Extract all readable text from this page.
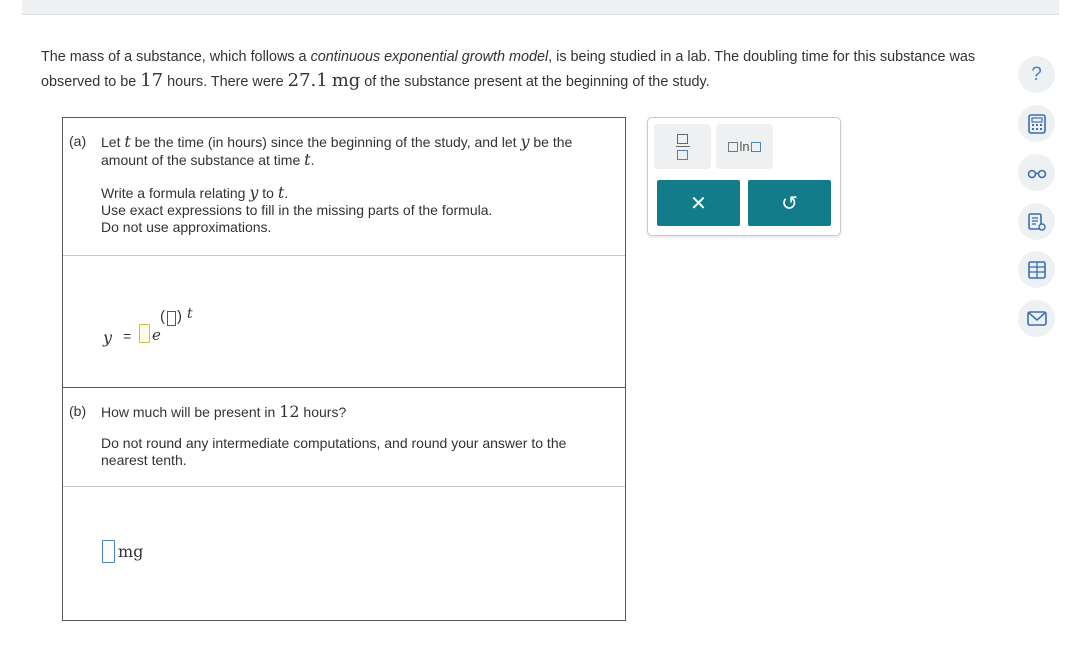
The mass of a substance, which follows a continuous exponential growth model, is being studied in a lab. The doubling time for this substance was observed to be 17 hours. There were 27.1 mg of the substance present at the beginning of the study.
(a) Let t be the time (in hours) since the beginning of the study, and let y be the amount of the substance at time t.
Write a formula relating y to t.
Use exact expressions to fill in the missing parts of the formula.
Do not use approximations.
y = e
( ) t
(b) How much will be present in 12 hours?
Do not round any intermediate computations, and round your answer to the nearest tenth.
mg
ln
✕	↺
?
